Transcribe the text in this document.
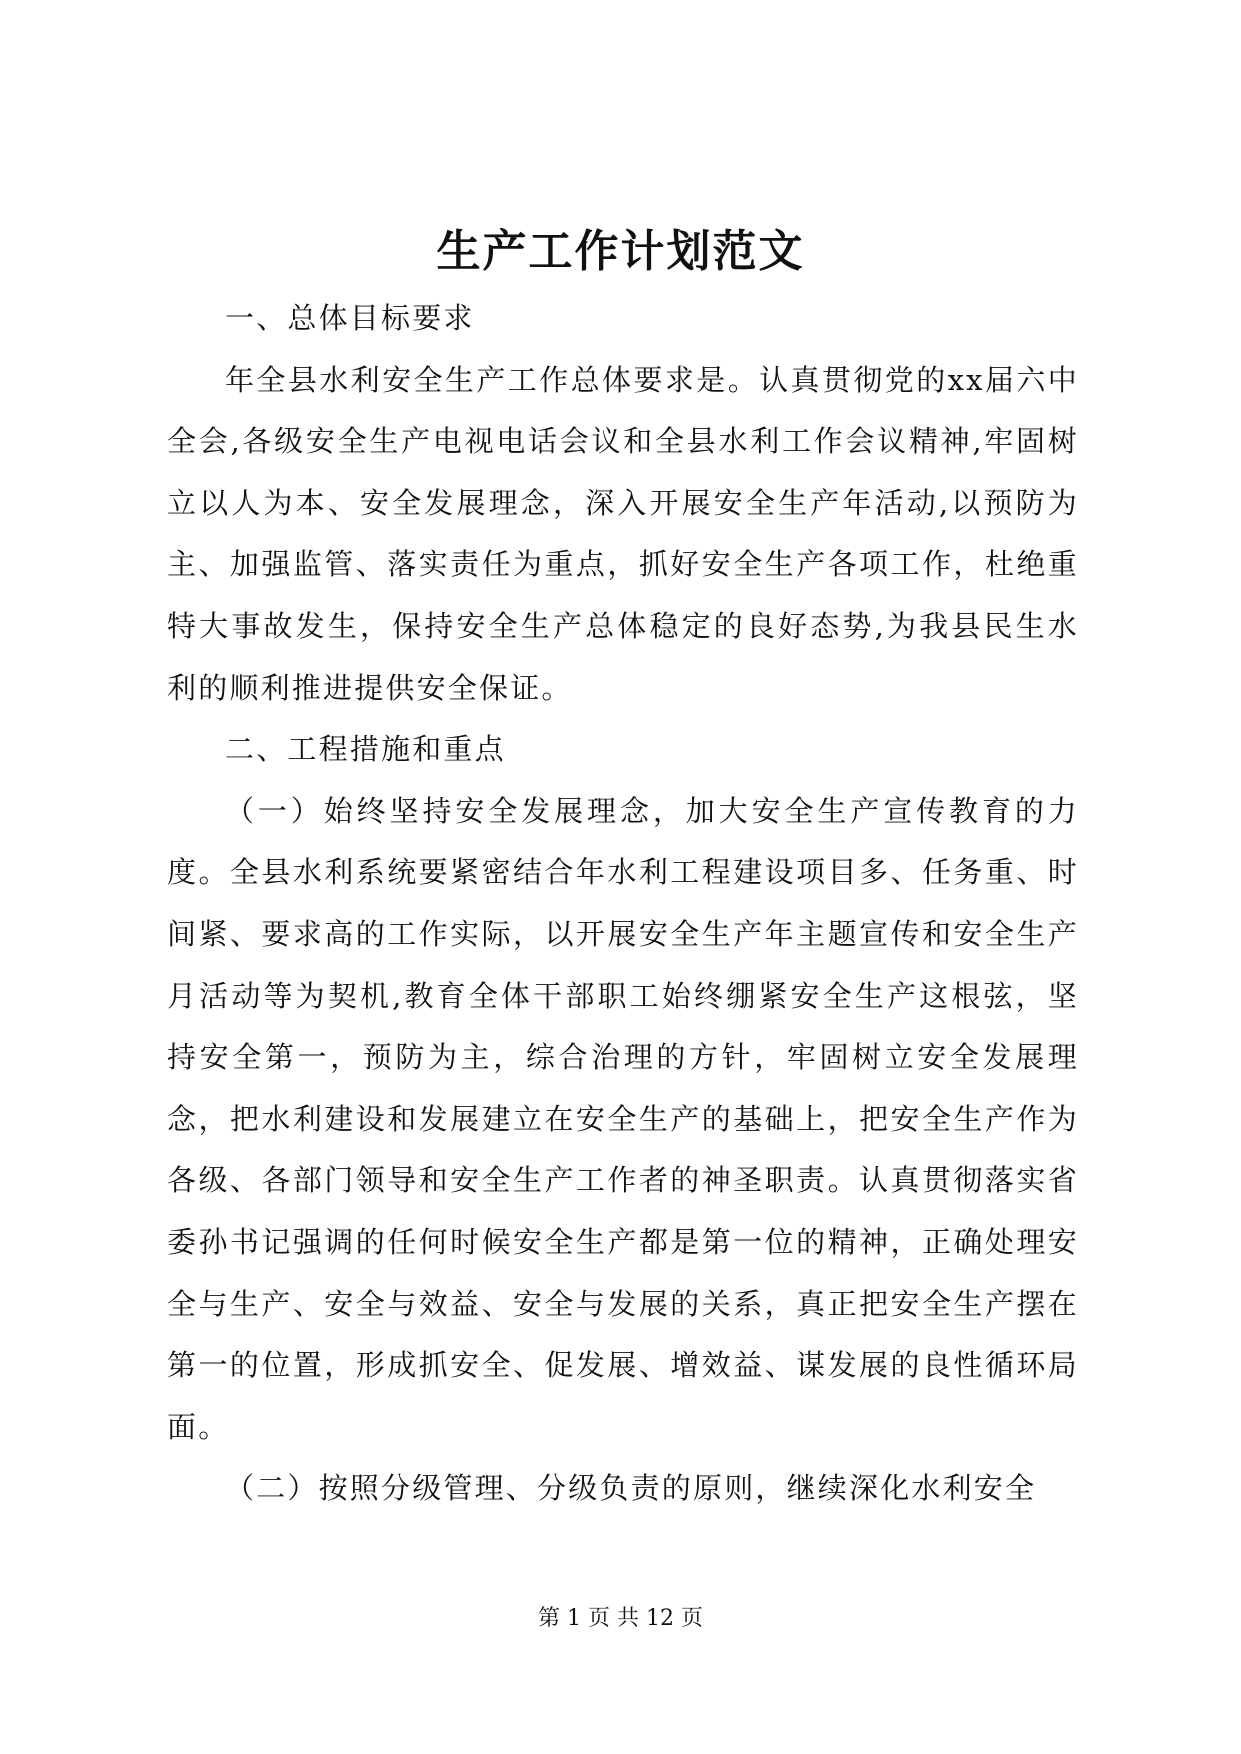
生产工作计划范文

一、总体目标要求

年全县水利安全生产工作总体要求是。认真贯彻党的xx届六中全会,各级安全生产电视电话会议和全县水利工作会议精神,牢固树立以人为本、安全发展理念，深入开展安全生产年活动,以预防为主、加强监管、落实责任为重点，抓好安全生产各项工作，杜绝重特大事故发生，保持安全生产总体稳定的良好态势,为我县民生水利的顺利推进提供安全保证。

二、工程措施和重点

（一）始终坚持安全发展理念，加大安全生产宣传教育的力度。全县水利系统要紧密结合年水利工程建设项目多、任务重、时间紧、要求高的工作实际，以开展安全生产年主题宣传和安全生产月活动等为契机,教育全体干部职工始终绷紧安全生产这根弦，坚持安全第一，预防为主，综合治理的方针，牢固树立安全发展理念，把水利建设和发展建立在安全生产的基础上，把安全生产作为各级、各部门领导和安全生产工作者的神圣职责。认真贯彻落实省委孙书记强调的任何时候安全生产都是第一位的精神，正确处理安全与生产、安全与效益、安全与发展的关系，真正把安全生产摆在第一的位置，形成抓安全、促发展、增效益、谋发展的良性循环局面。

（二）按照分级管理、分级负责的原则，继续深化水利安全

第 1 页 共 12 页
